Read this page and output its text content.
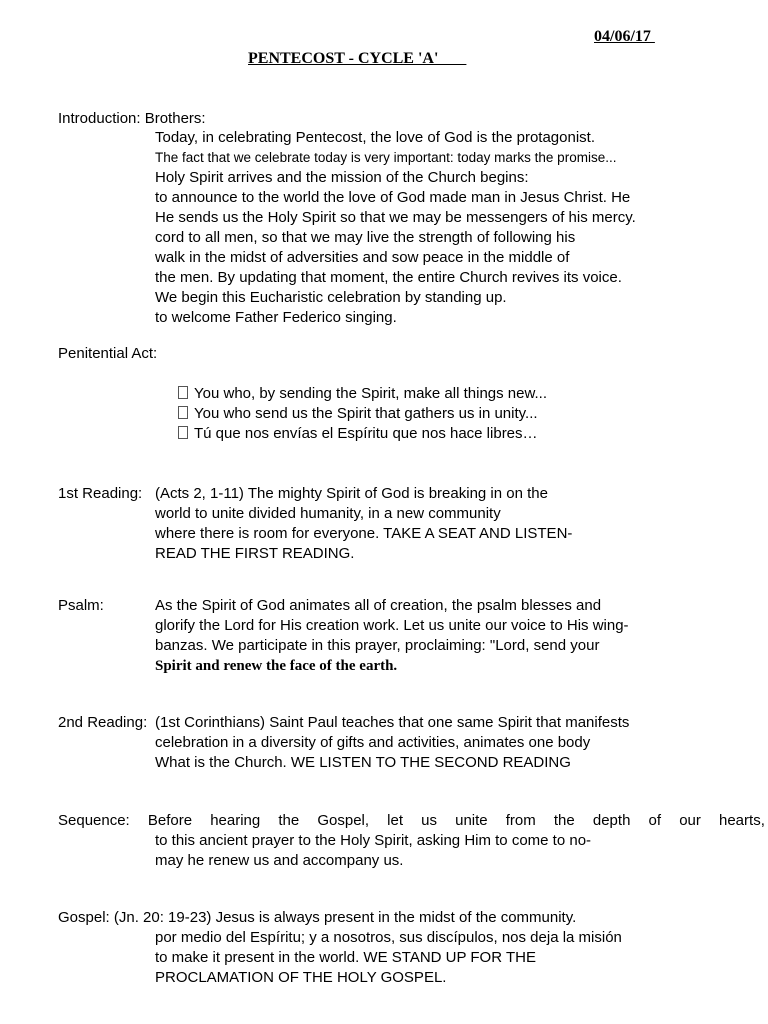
04/06/17
PENTECOST - CYCLE 'A'
Introduction: Brothers:
Today, in celebrating Pentecost, the love of God is the protagonist.
The fact that we celebrate today is very important: today marks the promise...
Holy Spirit arrives and the mission of the Church begins:
to announce to the world the love of God made man in Jesus Christ. He
He sends us the Holy Spirit so that we may be messengers of his mercy.
cord to all men, so that we may live the strength of following his
walk in the midst of adversities and sow peace in the middle of
the men. By updating that moment, the entire Church revives its voice.
We begin this Eucharistic celebration by standing up.
to welcome Father Federico singing.
Penitential Act:
You who, by sending the Spirit, make all things new...
You who send us the Spirit that gathers us in unity...
Tú que nos envías el Espíritu que nos hace libres…
1st Reading: (Acts 2, 1-11) The mighty Spirit of God is breaking in on the
world to unite divided humanity, in a new community
where there is room for everyone. TAKE A SEAT AND LISTEN-
READ THE FIRST READING.
Psalm:	As the Spirit of God animates all of creation, the psalm blesses and
glorify the Lord for His creation work. Let us unite our voice to His wing-
banzas. We participate in this prayer, proclaiming: "Lord, send your
Spirit and renew the face of the earth.
2nd Reading: (1st Corinthians) Saint Paul teaches that one same Spirit that manifests
celebration in a diversity of gifts and activities, animates one body
What is the Church. WE LISTEN TO THE SECOND READING
Sequence: Before hearing the Gospel, let us unite from the depth of our hearts,
to this ancient prayer to the Holy Spirit, asking Him to come to no-
may he renew us and accompany us.
Gospel: (Jn. 20: 19-23) Jesus is always present in the midst of the community.
por medio del Espíritu; y a nosotros, sus discípulos, nos deja la misión
to make it present in the world. WE STAND UP FOR THE
PROCLAMATION OF THE HOLY GOSPEL.
